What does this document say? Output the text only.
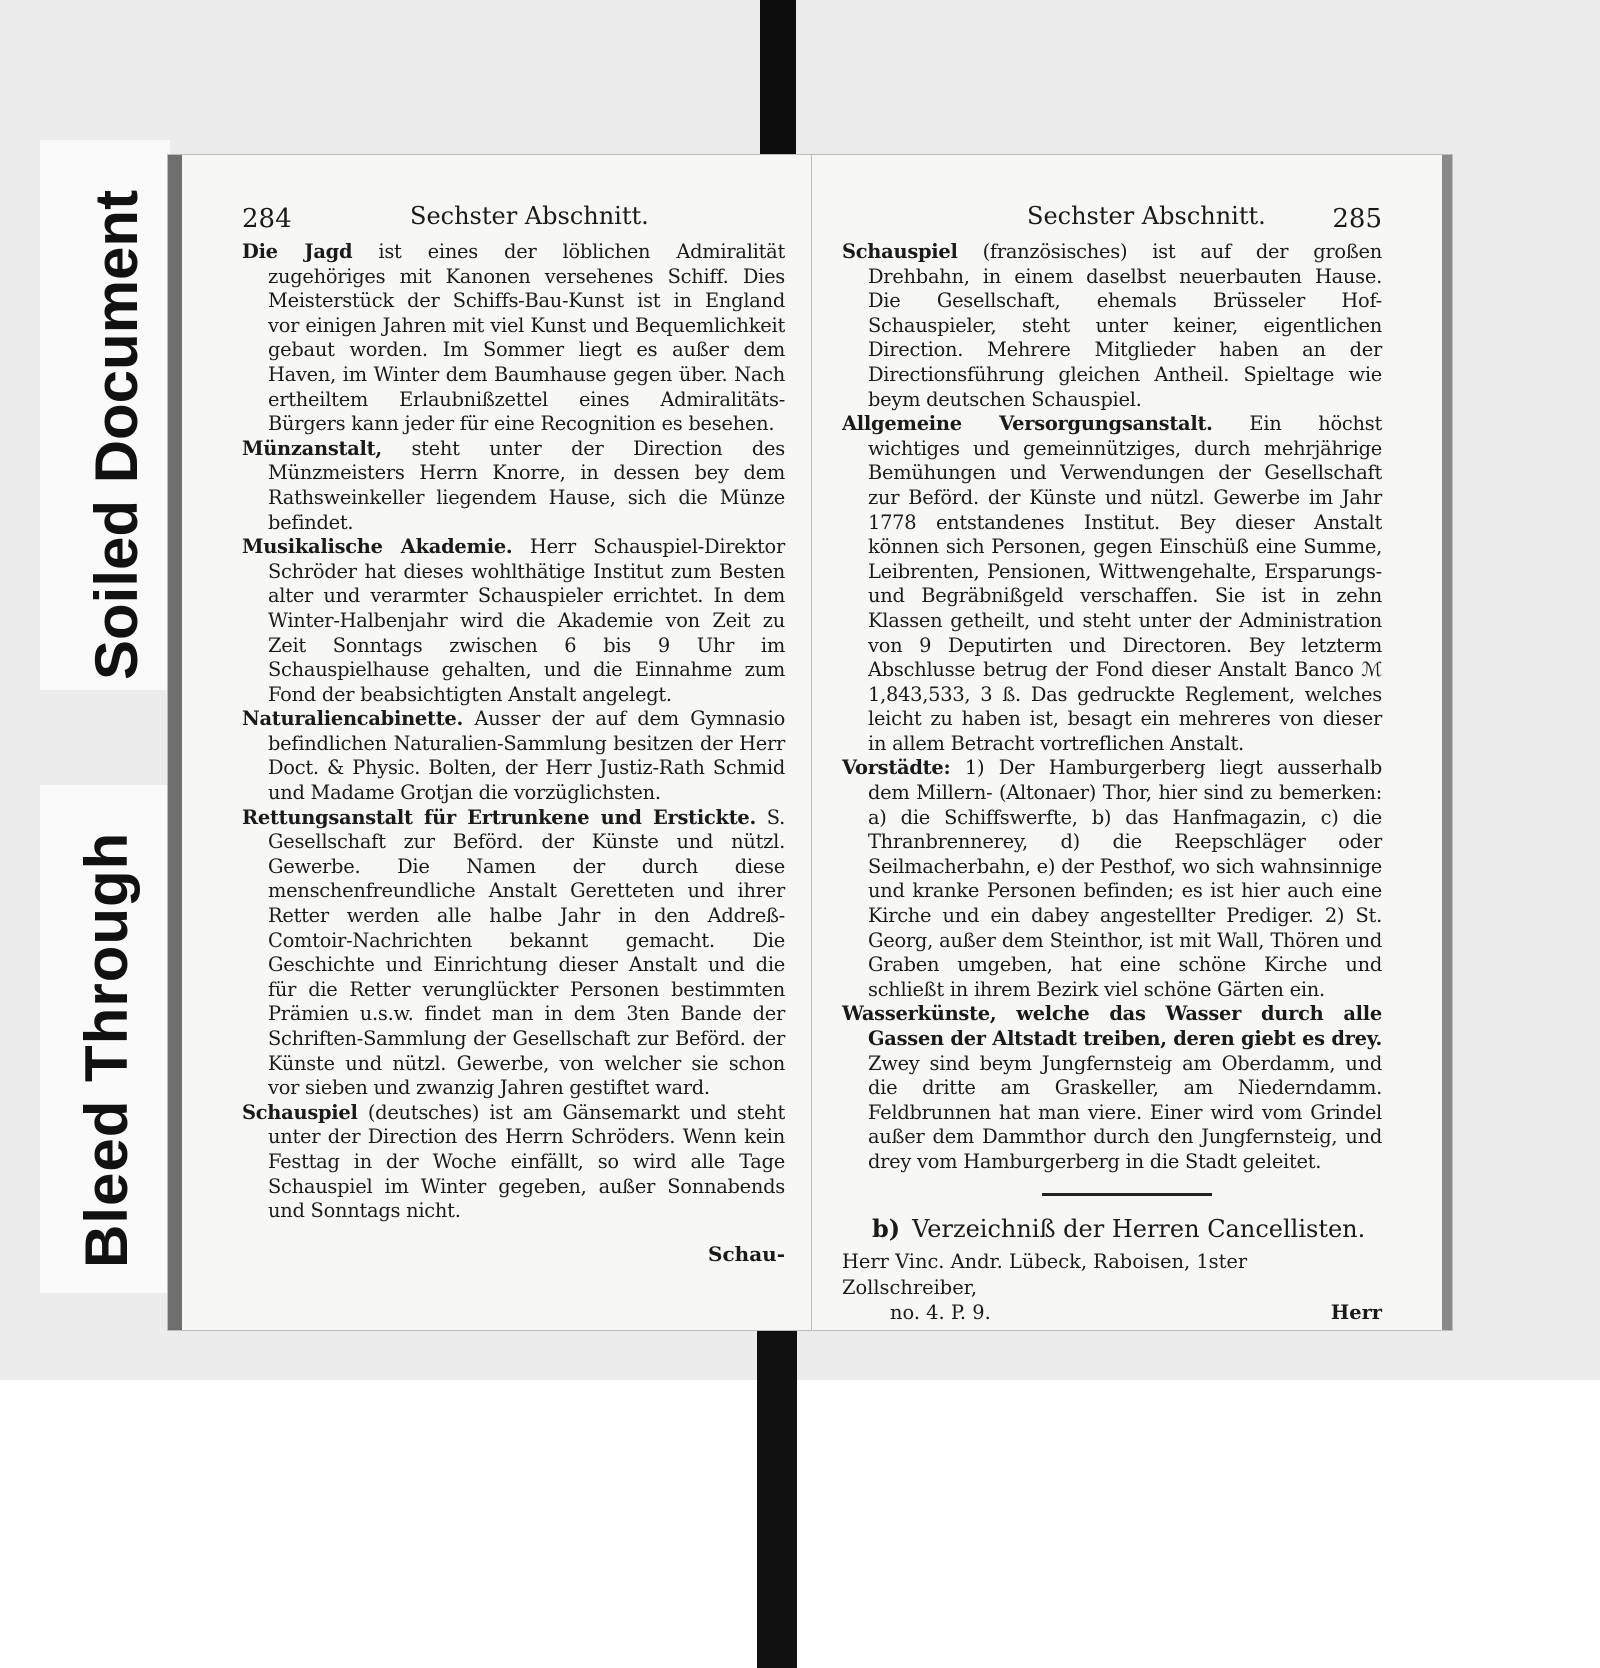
Soiled Document
Bleed Through
284	Sechster Abschnitt.

Die Jagd ist eines der löblichen Admiralität zugehöriges mit Kanonen versehenes Schiff. Dies Meisterstück der Schiffs-Bau-Kunst ist in England vor einigen Jahren mit viel Kunst und Bequemlichkeit gebaut worden. Im Sommer liegt es außer dem Haven, im Winter dem Baumhause gegen über. Nach ertheiltem Erlaubnißzettel eines Admiralitäts-Bürgers kann jeder für eine Recognition es besehen.

Münzanstalt, steht unter der Direction des Münzmeisters Herrn Knorre, in dessen bey dem Rathsweinkeller liegendem Hause, sich die Münze befindet.

Musikalische Akademie. Herr Schauspiel-Direktor Schröder hat dieses wohlthätige Institut zum Besten alter und verarmter Schauspieler errichtet. In dem Winter-Halbenjahr wird die Akademie von Zeit zu Zeit Sonntags zwischen 6 bis 9 Uhr im Schauspielhause gehalten, und die Einnahme zum Fond der beabsichtigten Anstalt angelegt.

Naturaliencabinette. Ausser der auf dem Gymnasio befindlichen Naturalien-Sammlung besitzen der Herr Doct. & Physic. Bolten, der Herr Justiz-Rath Schmid und Madame Grotjan die vorzüglichsten.

Rettungsanstalt für Ertrunkene und Erstickte. S. Gesellschaft zur Beförd. der Künste und nützl. Gewerbe. Die Namen der durch diese menschenfreundliche Anstalt Geretteten und ihrer Retter werden alle halbe Jahr in den Addreß-Comtoir-Nachrichten bekannt gemacht. Die Geschichte und Einrichtung dieser Anstalt und die für die Retter verunglückter Personen bestimmten Prämien u.s.w. findet man in dem 3ten Bande der Schriften-Sammlung der Gesellschaft zur Beförd. der Künste und nützl. Gewerbe, von welcher sie schon vor sieben und zwanzig Jahren gestiftet ward.

Schauspiel (deutsches) ist am Gänsemarkt und steht unter der Direction des Herrn Schröders. Wenn kein Festtag in der Woche einfällt, so wird alle Tage Schauspiel im Winter gegeben, außer Sonnabends und Sonntags nicht.

Schau-
Sechster Abschnitt.	285

Schauspiel (französisches) ist auf der großen Drehbahn, in einem daselbst neuerbauten Hause. Die Gesellschaft, ehemals Brüsseler Hof-Schauspieler, steht unter keiner, eigentlichen Direction. Mehrere Mitglieder haben an der Directionsführung gleichen Antheil. Spieltage wie beym deutschen Schauspiel.

Allgemeine Versorgungsanstalt. Ein höchst wichtiges und gemeinnütziges, durch mehrjährige Bemühungen und Verwendungen der Gesellschaft zur Beförd. der Künste und nützl. Gewerbe im Jahr 1778 entstandenes Institut. Bey dieser Anstalt können sich Personen, gegen Einschüß eine Summe, Leibrenten, Pensionen, Wittwengehalte, Ersparungs- und Begräbnißgeld verschaffen. Sie ist in zehn Klassen getheilt, und steht unter der Administration von 9 Deputirten und Directoren. Bey letzterm Abschlusse betrug der Fond dieser Anstalt Banco ℳ 1,843,533, 3 ß. Das gedruckte Reglement, welches leicht zu haben ist, besagt ein mehreres von dieser in allem Betracht vortreflichen Anstalt.

Vorstädte: 1) Der Hamburgerberg liegt ausserhalb dem Millern- (Altonaer) Thor, hier sind zu bemerken: a) die Schiffswerfte, b) das Hanfmagazin, c) die Thranbrennerey, d) die Reepschläger oder Seilmacherbahn, e) der Pesthof, wo sich wahnsinnige und kranke Personen befinden; es ist hier auch eine Kirche und ein dabey angestellter Prediger. 2) St. Georg, außer dem Steinthor, ist mit Wall, Thören und Graben umgeben, hat eine schöne Kirche und schließt in ihrem Bezirk viel schöne Gärten ein.

Wasserkünste, welche das Wasser durch alle Gassen der Altstadt treiben, deren giebt es drey. Zwey sind beym Jungfernsteig am Oberdamm, und die dritte am Graskeller, am Niederndamm. Feldbrunnen hat man viere. Einer wird vom Grindel außer dem Dammthor durch den Jungfernsteig, und drey vom Hamburgerberg in die Stadt geleitet.

b) Verzeichniß der Herren Cancellisten.
Herr Vinc. Andr. Lübeck, Raboisen, 1ster Zollschreiber,
no. 4. P. 9.	Herr
